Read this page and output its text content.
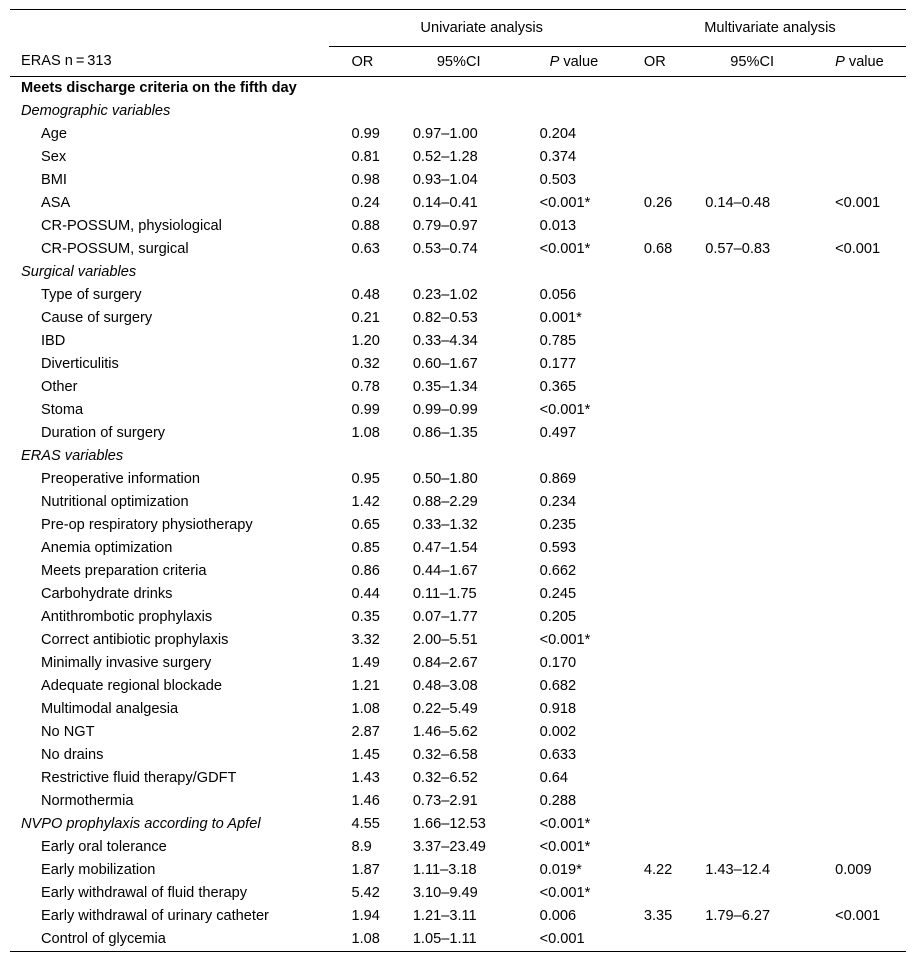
	Univariate analysis			Multivariate analysis		
ERAS n = 313	OR	95%CI	P value	OR	95%CI	P value
Meets discharge criteria on the fifth day						
Demographic variables						
Age	0.99	0.97–1.00	0.204			
Sex	0.81	0.52–1.28	0.374			
BMI	0.98	0.93–1.04	0.503			
ASA	0.24	0.14–0.41	<0.001*	0.26	0.14–0.48	<0.001
CR-POSSUM, physiological	0.88	0.79–0.97	0.013			
CR-POSSUM, surgical	0.63	0.53–0.74	<0.001*	0.68	0.57–0.83	<0.001
Surgical variables						
Type of surgery	0.48	0.23–1.02	0.056			
Cause of surgery	0.21	0.82–0.53	0.001*			
IBD	1.20	0.33–4.34	0.785			
Diverticulitis	0.32	0.60–1.67	0.177			
Other	0.78	0.35–1.34	0.365			
Stoma	0.99	0.99–0.99	<0.001*			
Duration of surgery	1.08	0.86–1.35	0.497			
ERAS variables						
Preoperative information	0.95	0.50–1.80	0.869			
Nutritional optimization	1.42	0.88–2.29	0.234			
Pre-op respiratory physiotherapy	0.65	0.33–1.32	0.235			
Anemia optimization	0.85	0.47–1.54	0.593			
Meets preparation criteria	0.86	0.44–1.67	0.662			
Carbohydrate drinks	0.44	0.11–1.75	0.245			
Antithrombotic prophylaxis	0.35	0.07–1.77	0.205			
Correct antibiotic prophylaxis	3.32	2.00–5.51	<0.001*			
Minimally invasive surgery	1.49	0.84–2.67	0.170			
Adequate regional blockade	1.21	0.48–3.08	0.682			
Multimodal analgesia	1.08	0.22–5.49	0.918			
No NGT	2.87	1.46–5.62	0.002			
No drains	1.45	0.32–6.58	0.633			
Restrictive fluid therapy/GDFT	1.43	0.32–6.52	0.64			
Normothermia	1.46	0.73–2.91	0.288			
NVPO prophylaxis according to Apfel	4.55	1.66–12.53	<0.001*			
Early oral tolerance	8.9	3.37–23.49	<0.001*			
Early mobilization	1.87	1.11–3.18	0.019*	4.22	1.43–12.4	0.009
Early withdrawal of fluid therapy	5.42	3.10–9.49	<0.001*			
Early withdrawal of urinary catheter	1.94	1.21–3.11	0.006	3.35	1.79–6.27	<0.001
Control of glycemia	1.08	1.05–1.11	<0.001			
